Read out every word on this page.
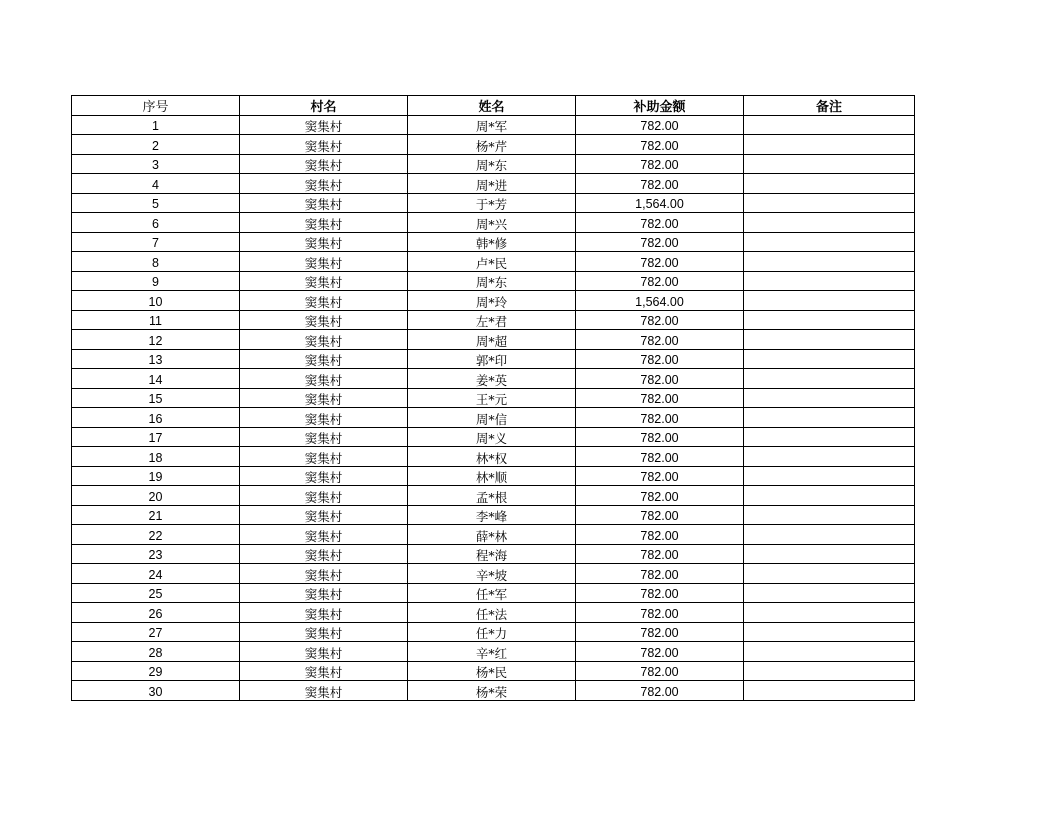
序号	村名	姓名	补助金额	备注
1	窦集村	周*军	782.00	
2	窦集村	杨*芹	782.00	
3	窦集村	周*东	782.00	
4	窦集村	周*进	782.00	
5	窦集村	于*芳	1,564.00	
6	窦集村	周*兴	782.00	
7	窦集村	韩*修	782.00	
8	窦集村	卢*民	782.00	
9	窦集村	周*东	782.00	
10	窦集村	周*玲	1,564.00	
11	窦集村	左*君	782.00	
12	窦集村	周*超	782.00	
13	窦集村	郭*印	782.00	
14	窦集村	姜*英	782.00	
15	窦集村	王*元	782.00	
16	窦集村	周*信	782.00	
17	窦集村	周*义	782.00	
18	窦集村	林*权	782.00	
19	窦集村	林*顺	782.00	
20	窦集村	孟*根	782.00	
21	窦集村	李*峰	782.00	
22	窦集村	薛*林	782.00	
23	窦集村	程*海	782.00	
24	窦集村	辛*坡	782.00	
25	窦集村	任*军	782.00	
26	窦集村	任*法	782.00	
27	窦集村	任*力	782.00	
28	窦集村	辛*红	782.00	
29	窦集村	杨*民	782.00	
30	窦集村	杨*荣	782.00	
